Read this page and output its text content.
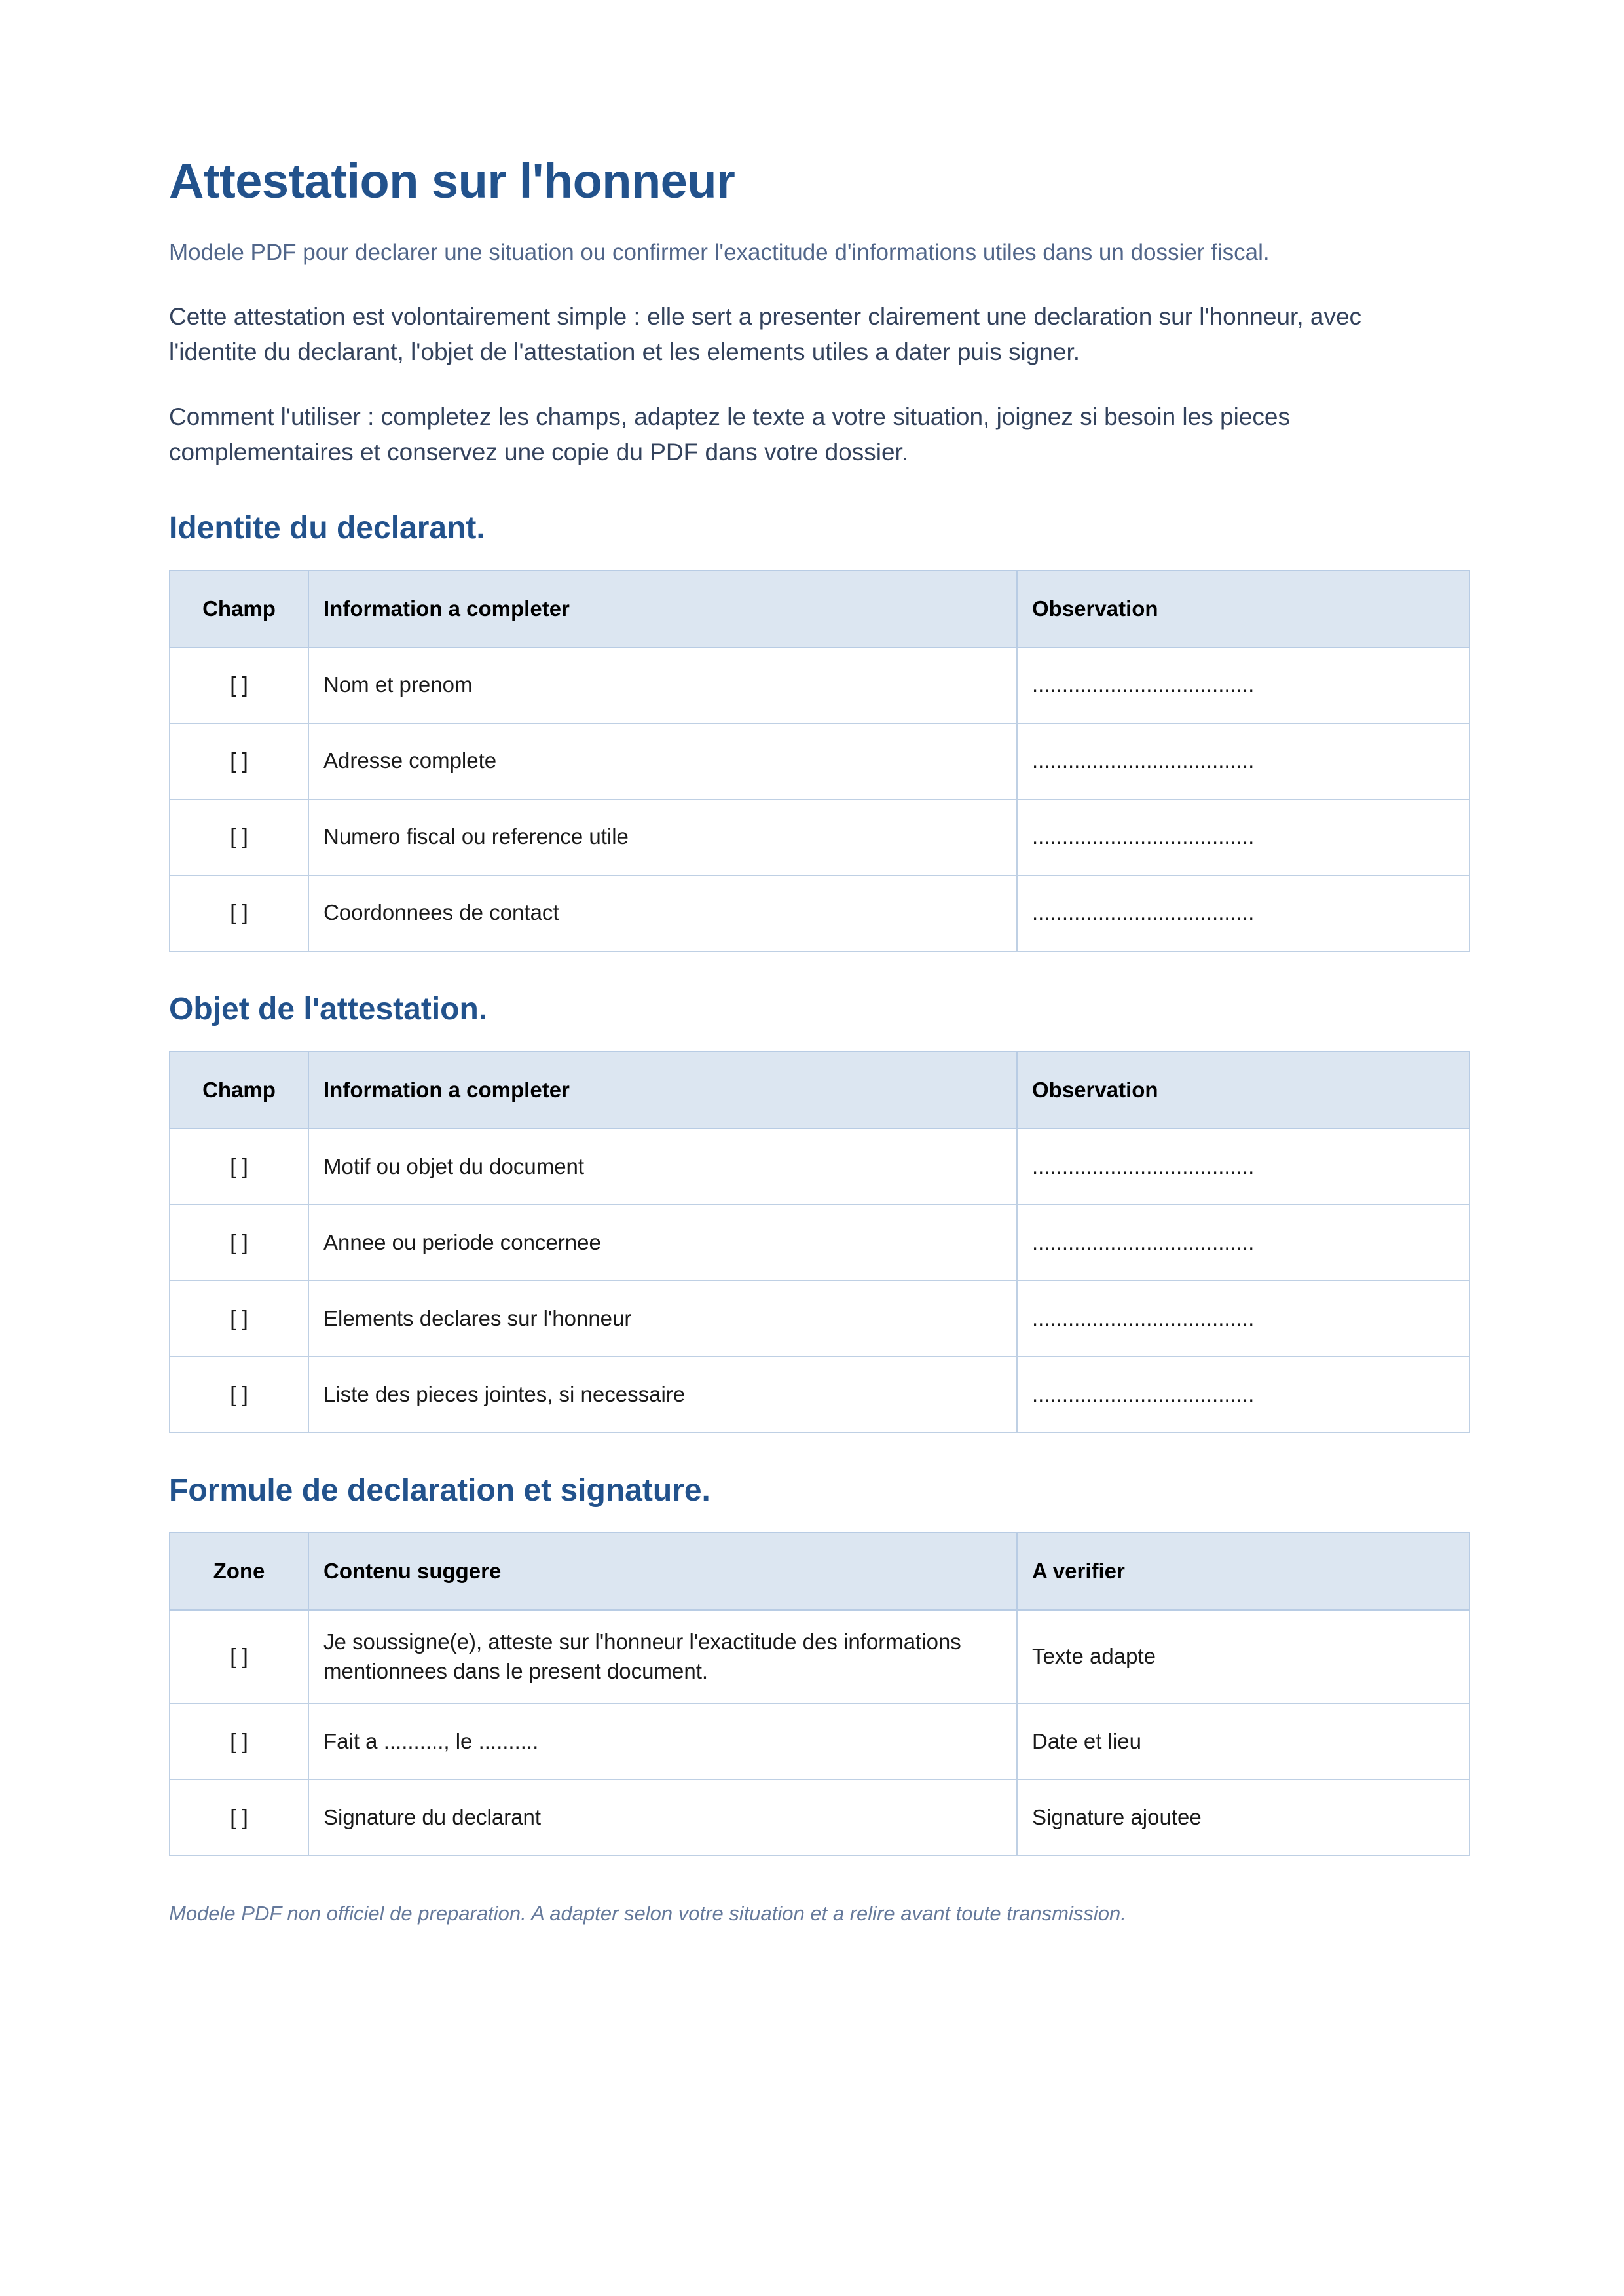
Attestation sur l'honneur

Modele PDF pour declarer une situation ou confirmer l'exactitude d'informations utiles dans un dossier fiscal.

Cette attestation est volontairement simple : elle sert a presenter clairement une declaration sur l'honneur, avec l'identite du declarant, l'objet de l'attestation et les elements utiles a dater puis signer.

Comment l'utiliser : completez les champs, adaptez le texte a votre situation, joignez si besoin les pieces complementaires et conservez une copie du PDF dans votre dossier.

Identite du declarant.
Champ	Information a completer	Observation
[ ]	Nom et prenom	.....................................
[ ]	Adresse complete	.....................................
[ ]	Numero fiscal ou reference utile	.....................................
[ ]	Coordonnees de contact	.....................................
Objet de l'attestation.
Champ	Information a completer	Observation
[ ]	Motif ou objet du document	.....................................
[ ]	Annee ou periode concernee	.....................................
[ ]	Elements declares sur l'honneur	.....................................
[ ]	Liste des pieces jointes, si necessaire	.....................................
Formule de declaration et signature.
Zone	Contenu suggere	A verifier
[ ]	Je soussigne(e), atteste sur l'honneur l'exactitude des informations mentionnees dans le present document.	Texte adapte
[ ]	Fait a .........., le ..........	Date et lieu
[ ]	Signature du declarant	Signature ajoutee
Modele PDF non officiel de preparation. A adapter selon votre situation et a relire avant toute transmission.
